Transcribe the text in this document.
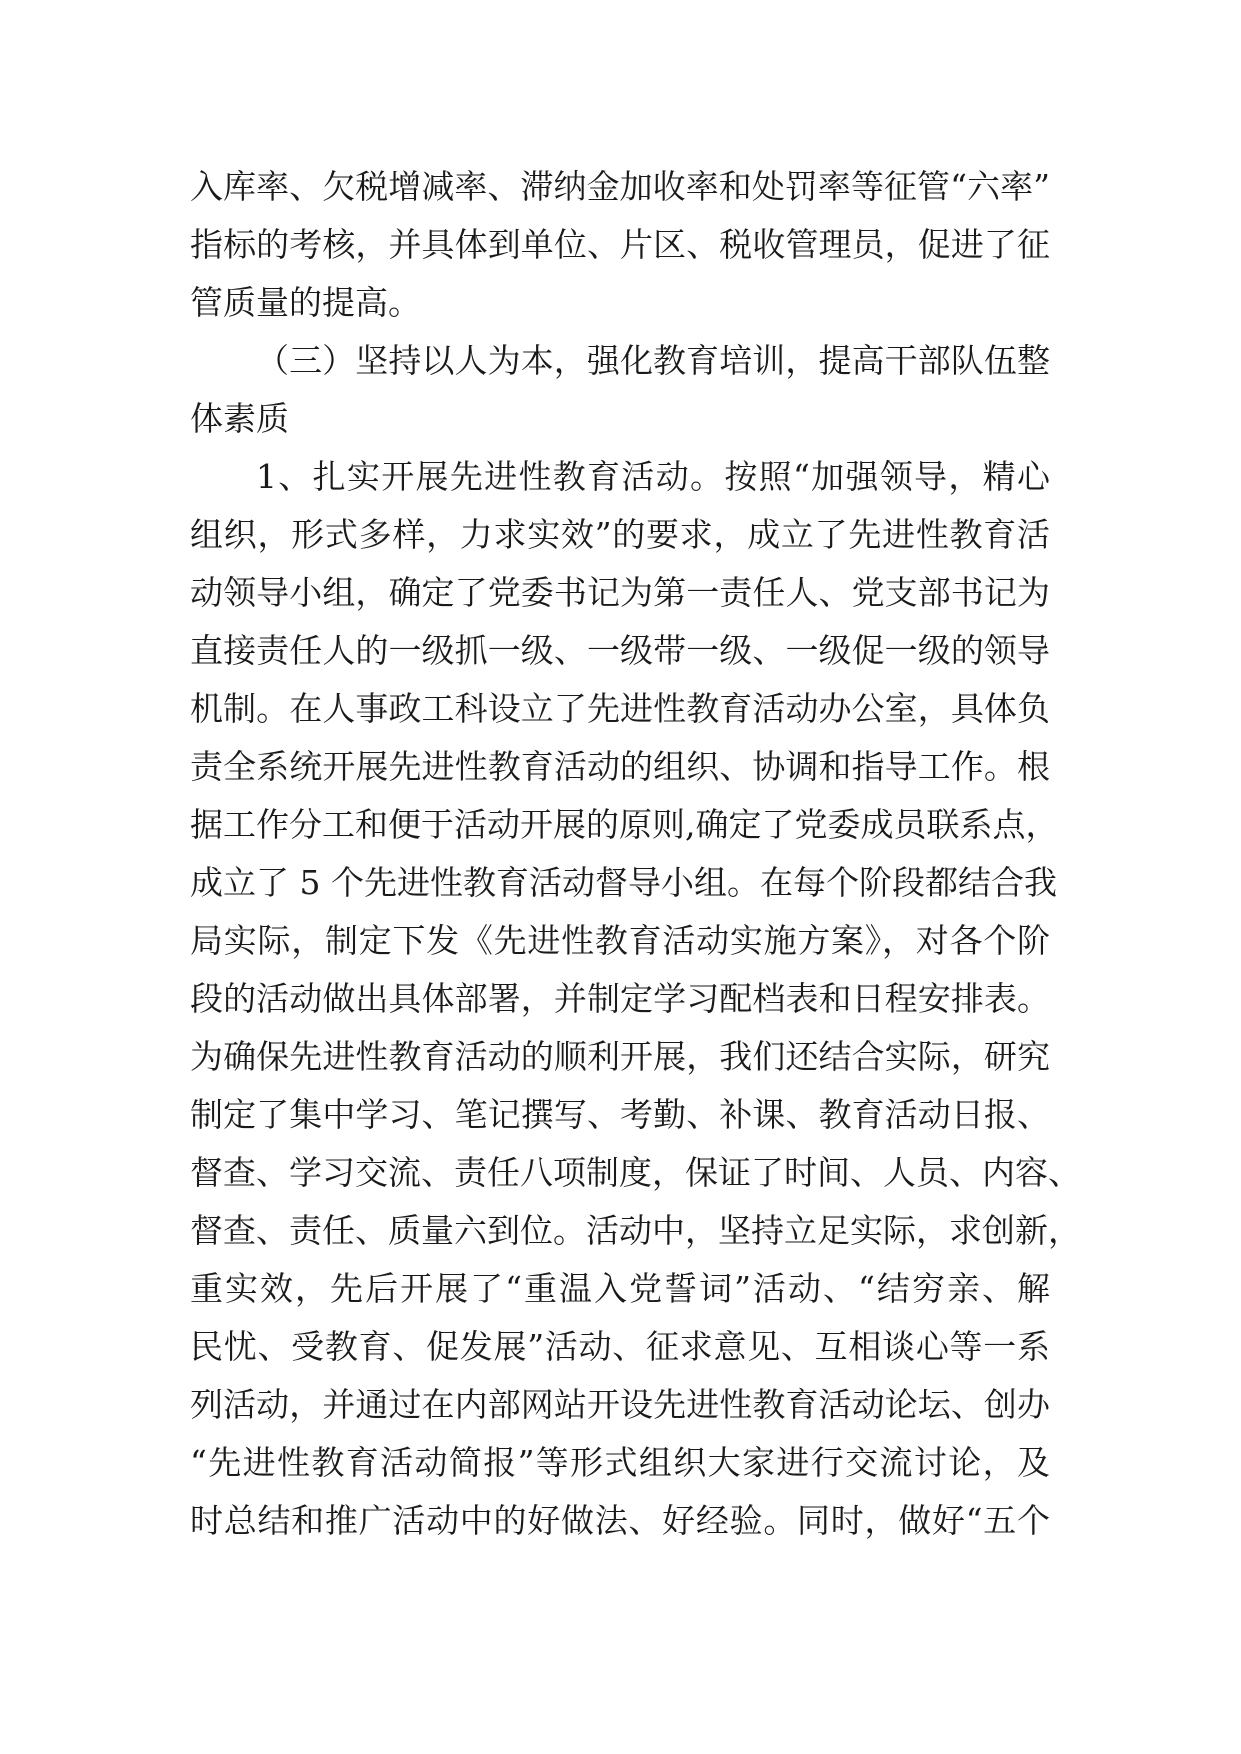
入库率、欠税增减率、滞纳金加收率和处罚率等征管“六率”
指标的考核，并具体到单位、片区、税收管理员，促进了征
管质量的提高。
（三）坚持以人为本，强化教育培训，提高干部队伍整
体素质
1、扎实开展先进性教育活动。按照“加强领导，精心
组织，形式多样，力求实效”的要求，成立了先进性教育活
动领导小组，确定了党委书记为第一责任人、党支部书记为
直接责任人的一级抓一级、一级带一级、一级促一级的领导
机制。在人事政工科设立了先进性教育活动办公室，具体负
责全系统开展先进性教育活动的组织、协调和指导工作。根
据工作分工和便于活动开展的原则,确定了党委成员联系点，
成立了 5 个先进性教育活动督导小组。在每个阶段都结合我
局实际，制定下发《先进性教育活动实施方案》，对各个阶
段的活动做出具体部署，并制定学习配档表和日程安排表。
为确保先进性教育活动的顺利开展，我们还结合实际，研究
制定了集中学习、笔记撰写、考勤、补课、教育活动日报、
督查、学习交流、责任八项制度，保证了时间、人员、内容、
督查、责任、质量六到位。活动中，坚持立足实际，求创新，
重实效，先后开展了“重温入党誓词”活动、“结穷亲、解
民忧、受教育、促发展”活动、征求意见、互相谈心等一系
列活动，并通过在内部网站开设先进性教育活动论坛、创办
“先进性教育活动简报”等形式组织大家进行交流讨论，及
时总结和推广活动中的好做法、好经验。同时，做好“五个
